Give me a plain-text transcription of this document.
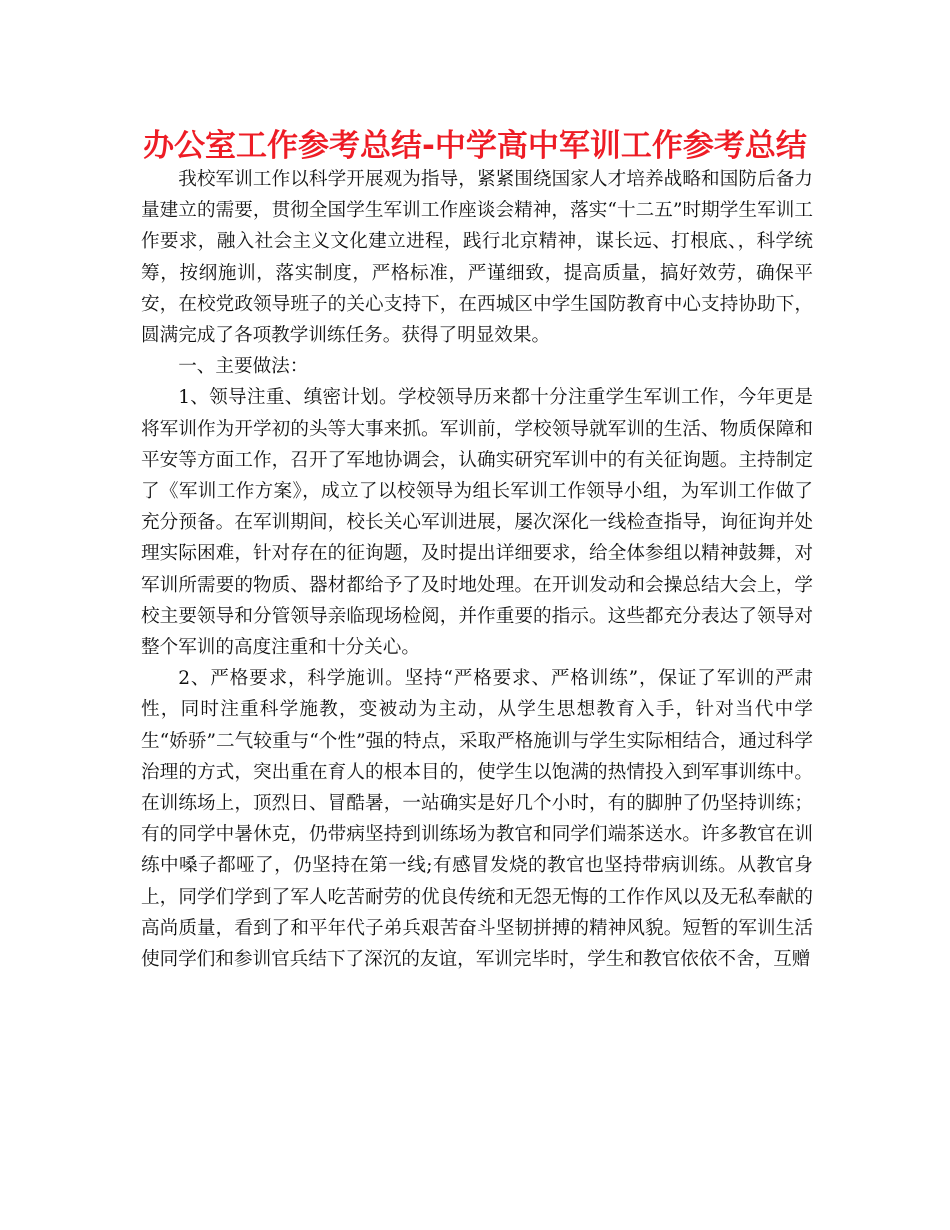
办公室工作参考总结-中学高中军训工作参考总结

我校军训工作以科学开展观为指导，紧紧围绕国家人才培养战略和国防后备力量建立的需要，贯彻全国学生军训工作座谈会精神，落实“十二五”时期学生军训工作要求，融入社会主义文化建立进程，践行北京精神，谋长远、打根底、，科学统筹，按纲施训，落实制度，严格标准，严谨细致，提高质量，搞好效劳，确保平安，在校党政领导班子的关心支持下，在西城区中学生国防教育中心支持协助下，圆满完成了各项教学训练任务。获得了明显效果。

一、主要做法：

1、领导注重、缜密计划。学校领导历来都十分注重学生军训工作，今年更是将军训作为开学初的头等大事来抓。军训前，学校领导就军训的生活、物质保障和平安等方面工作，召开了军地协调会，认确实研究军训中的有关征询题。主持制定了《军训工作方案》，成立了以校领导为组长军训工作领导小组，为军训工作做了充分预备。在军训期间，校长关心军训进展，屡次深化一线检查指导，询征询并处理实际困难，针对存在的征询题，及时提出详细要求，给全体参组以精神鼓舞，对军训所需要的物质、器材都给予了及时地处理。在开训发动和会操总结大会上，学校主要领导和分管领导亲临现场检阅，并作重要的指示。这些都充分表达了领导对整个军训的高度注重和十分关心。

2、严格要求，科学施训。坚持“严格要求、严格训练”，保证了军训的严肃性，同时注重科学施教，变被动为主动，从学生思想教育入手，针对当代中学生“娇骄”二气较重与“个性”强的特点，采取严格施训与学生实际相结合，通过科学治理的方式，突出重在育人的根本目的，使学生以饱满的热情投入到军事训练中。在训练场上，顶烈日、冒酷暑，一站确实是好几个小时，有的脚肿了仍坚持训练；有的同学中暑休克，仍带病坚持到训练场为教官和同学们端茶送水。许多教官在训练中嗓子都哑了，仍坚持在第一线;有感冒发烧的教官也坚持带病训练。从教官身上，同学们学到了军人吃苦耐劳的优良传统和无怨无悔的工作作风以及无私奉献的高尚质量，看到了和平年代子弟兵艰苦奋斗坚韧拼搏的精神风貌。短暂的军训生活使同学们和参训官兵结下了深沉的友谊，军训完毕时，学生和教官依依不舍，互赠
